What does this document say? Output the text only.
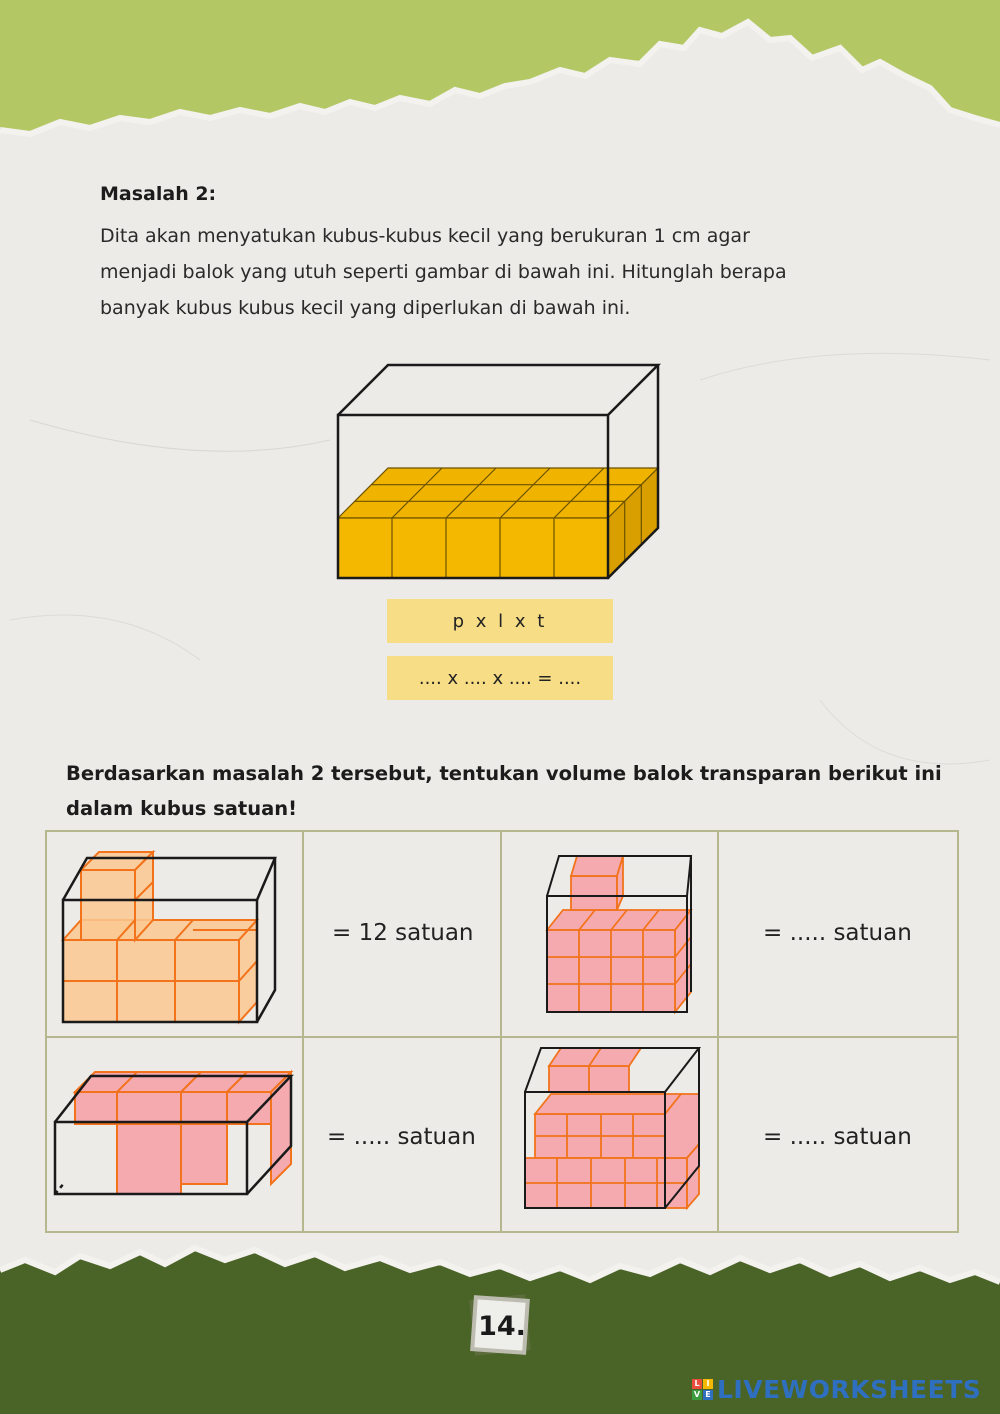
Masalah 2:
Dita akan menyatukan kubus-kubus kecil yang berukuran 1 cm agar
menjadi balok yang utuh seperti gambar di bawah ini. Hitunglah berapa
banyak kubus kubus kecil yang diperlukan di bawah ini.
p x l x t
.... x .... x .... = ....
Berdasarkan masalah 2 tersebut, tentukan volume balok transparan berikut ini
dalam kubus satuan!
= 12 satuan	= ..... satuan
= ..... satuan	= ..... satuan
14.
L I
V E LIVEWORKSHEETS
